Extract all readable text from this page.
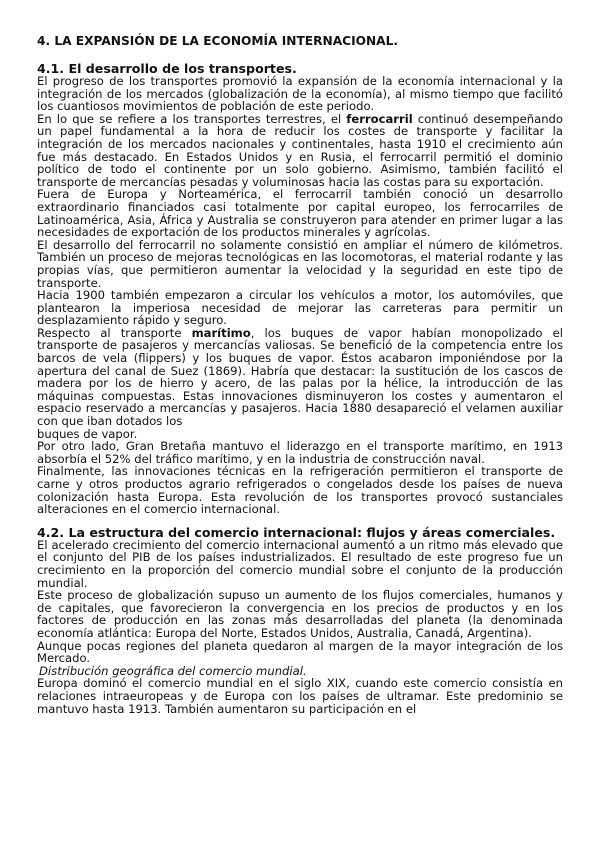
4. LA EXPANSIÓN DE LA ECONOMÍA INTERNACIONAL.
4.1. El desarrollo de los transportes.

El progreso de los transportes promovió la expansión de la economía internacional y la integración de los mercados (globalización de la economía), al mismo tiempo que facilitó los cuantiosos movimientos de población de este periodo.

En lo que se refiere a los transportes terrestres, el ferrocarril continuó desempeñando un papel fundamental a la hora de reducir los costes de transporte y facilitar la integración de los mercados nacionales y continentales, hasta 1910 el crecimiento aún fue más destacado. En Estados Unidos y en Rusia, el ferrocarril permitió el dominio político de todo el continente por un solo gobierno. Asimismo, también facilitó el transporte de mercancías pesadas y voluminosas hacia las costas para su exportación.

Fuera de Europa y Norteamérica, el ferrocarril también conoció un desarrollo extraordinario financiados casi totalmente por capital europeo, los ferrocarriles de Latinoamérica, Asia, África y Australia se construyeron para atender en primer lugar a las necesidades de exportación de los productos minerales y agrícolas.

El desarrollo del ferrocarril no solamente consistió en ampliar el número de kilómetros. También un proceso de mejoras tecnológicas en las locomotoras, el material rodante y las propias vías, que permitieron aumentar la velocidad y la seguridad en este tipo de transporte.

Hacia 1900 también empezaron a circular los vehículos a motor, los automóviles, que plantearon la imperiosa necesidad de mejorar las carreteras para permitir un desplazamiento rápido y seguro.

Respecto al transporte marítimo, los buques de vapor habían monopolizado el transporte de pasajeros y mercancías valiosas. Se benefició de la competencia entre los barcos de vela (flippers) y los buques de vapor. Éstos acabaron imponiéndose por la apertura del canal de Suez (1869). Habría que destacar: la sustitución de los cascos de madera por los de hierro y acero, de las palas por la hélice, la introducción de las máquinas compuestas. Estas innovaciones disminuyeron los costes y aumentaron el espacio reservado a mercancías y pasajeros. Hacia 1880 desapareció el velamen auxiliar con que iban dotados los

buques de vapor.

Por otro lado, Gran Bretaña mantuvo el liderazgo en el transporte marítimo, en 1913 absorbía el 52% del tráfico marítimo, y en la industria de construcción naval.

Finalmente, las innovaciones técnicas en la refrigeración permitieron el transporte de carne y otros productos agrario refrigerados o congelados desde los países de nueva colonización hasta Europa. Esta revolución de los transportes provocó sustanciales alteraciones en el comercio internacional.

4.2. La estructura del comercio internacional: flujos y áreas comerciales.

El acelerado crecimiento del comercio internacional aumentó a un ritmo más elevado que el conjunto del PIB de los países industrializados. El resultado de este progreso fue un crecimiento en la proporción del comercio mundial sobre el conjunto de la producción mundial.

Este proceso de globalización supuso un aumento de los flujos comerciales, humanos y de capitales, que favorecieron la convergencia en los precios de productos y en los factores de producción en las zonas más desarrolladas del planeta (la denominada economía atlántica: Europa del Norte, Estados Unidos, Australia, Canadá, Argentina).

Aunque pocas regiones del planeta quedaron al margen de la mayor integración de los Mercado.

Distribución geográfica del comercio mundial.

Europa dominó el comercio mundial en el siglo XIX, cuando este comercio consistía en relaciones intraeuropeas y de Europa con los países de ultramar. Este predominio se mantuvo hasta 1913. También aumentaron su participación en el
